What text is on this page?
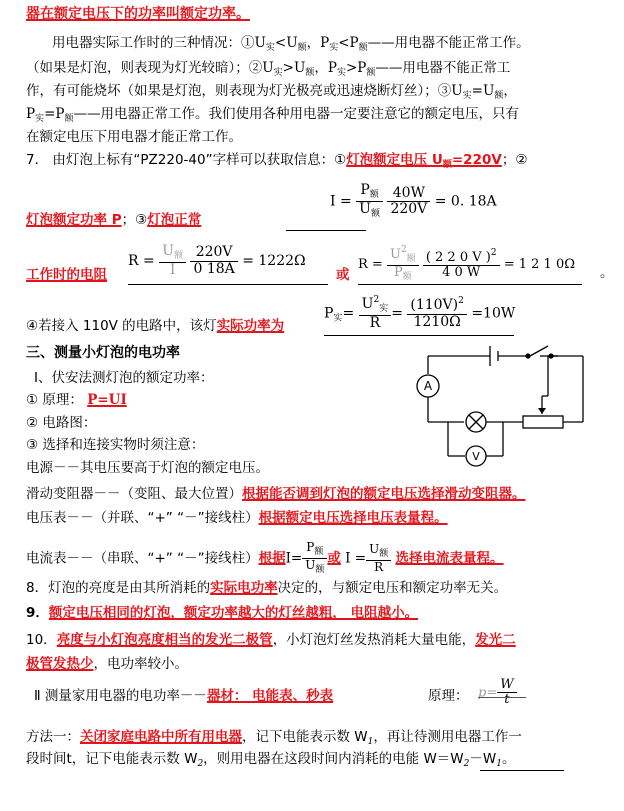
器在额定电压下的功率叫额定功率。
用电器实际工作时的三种情况：$①U_实<U_额$，$P_实<P_额——$用电器不能正常工作。
（如果是灯泡，则表现为灯光较暗）；$②U_实>U_额$，$P_实>P_额——$用电器不能正常工
作，有可能烧坏（如果是灯泡，则表现为灯光极亮或迅速烧断灯丝）；$③U_实=U_额$，
$P_实=P_额——$用电器正常工作。我们使用各种用电器一定要注意它的额定电压，只有
在额定电压下用电器才能正常工作。
7． 由灯泡上标有“PZ220-40”字样可以获取信息：①灯泡额定电压 $U_额=220V$；②
$I = \frac{P_额}{U_额}$
$\frac{40W}{220V} = 0$. 18A
灯泡额定功率 P；③灯泡正常
工作时的电阻
$R = \frac{U_额}{I}$
$\frac{220V}{0 18A} = 1222\Omega$
或
$R = \frac{U^2_额}{P_额}$
$\frac{( 2 2 0 V )^2}{4 0 W} = 1$ 2 1 0Ω
。
④若接入 110V 的电路中，该灯实际功率为
$P_实= \frac{U^2_实}{R} = \frac{(110V)^2}{1210\Omega} =10W$
三、测量小灯泡的电功率
Ⅰ、伏安法测灯泡的额定功率：
① 原理： P=UI
② 电路图：
③ 选择和连接实物时须注意：
A
V
电源－－其电压要高于灯泡的额定电压。
滑动变阻器－－（变阻、最大位置）根据能否调到灯泡的额定电压选择滑动变阻器。
电压表－－（并联、“+” “－”接线柱）根据额定电压选择电压表量程。
电流表－－（串联、“+” “－”接线柱）根据$I= \frac{P_额}{U_额}$ 或 $I = \frac{U_额}{R}$ 选择电流表量程。
8．灯泡的亮度是由其所消耗的实际电功率决定的，与额定电压和额定功率无关。
9．额定电压相同的灯泡，额定功率越大的灯丝越粗， 电阻越小。
10．亮度与小灯泡亮度相当的发光二极管，小灯泡灯丝发热消耗大量电能，发光二
极管发热少，电功率较小。
Ⅱ 测量家用电器的电功率－－器材： 电能表、秒表	原理： $p= \frac{W}{t}$
方法一：关闭家庭电路中所有用电器，记下电能表示数 $W_1$，再让待测用电器工作一
段时间t，记下电能表示数 $W_2$，则用电器在这段时间内消耗的电能 $W=W_2-W_1$。
